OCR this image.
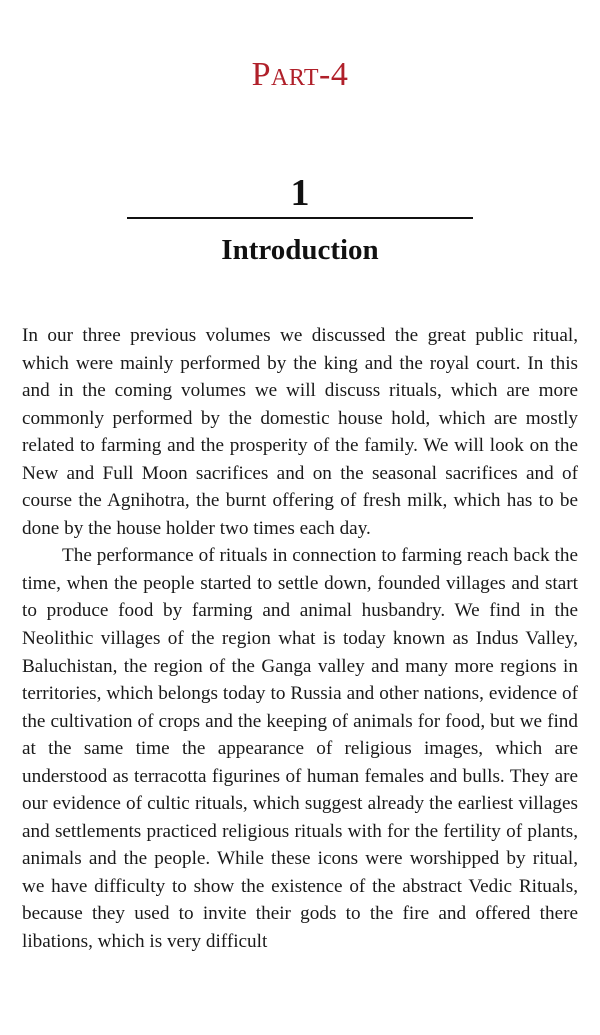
Part-4
1
Introduction

In our three previous volumes we discussed the great public ritual, which were mainly performed by the king and the royal court. In this and in the coming volumes we will discuss rituals, which are more commonly performed by the domestic house hold, which are mostly related to farming and the prosperity of the family. We will look on the New and Full Moon sacrifices and on the seasonal sacrifices and of course the Agnihotra, the burnt offering of fresh milk, which has to be done by the house holder two times each day.

The performance of rituals in connection to farming reach back the time, when the people started to settle down, founded villages and start to produce food by farming and animal husbandry. We find in the Neolithic villages of the region what is today known as Indus Valley, Baluchistan, the region of the Ganga valley and many more regions in territories, which belongs today to Russia and other nations, evidence of the cultivation of crops and the keeping of animals for food, but we find at the same time the appearance of religious images, which are understood as terracotta figurines of human females and bulls. They are our evidence of cultic rituals, which suggest already the earliest villages and settlements practiced religious rituals with for the fertility of plants, animals and the people. While these icons were worshipped by ritual, we have difficulty to show the existence of the abstract Vedic Rituals, because they used to invite their gods to the fire and offered there libations, which is very difficult
